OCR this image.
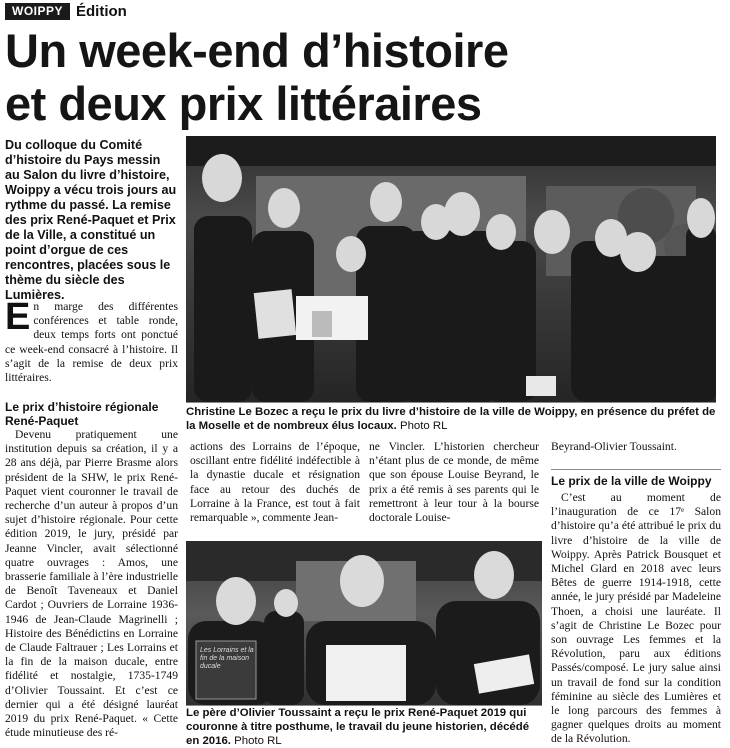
WOIPPY Édition
Un week-end d’histoire
et deux prix littéraires

Du colloque du Comité d’histoire du Pays messin au Salon du livre d’histoire, Woippy a vécu trois jours au rythme du passé. La remise des prix René-Paquet et Prix de la Ville, a constitué un point d’orgue de ces rencontres, placées sous le thème du siècle des Lumières.

En marge des différentes conférences et table ronde, deux temps forts ont ponctué ce week-end consacré à l’histoire. Il s’agit de la remise de deux prix littéraires.

Le prix d’histoire régionale René-Paquet

Devenu pratiquement une institution depuis sa création, il y a 28 ans déjà, par Pierre Brasme alors président de la SHW, le prix René-Paquet vient couronner le travail de recherche d’un auteur à propos d’un sujet d’histoire régionale. Pour cette édition 2019, le jury, présidé par Jeanne Vincler, avait sélectionné quatre ouvrages : Amos, une brasserie familiale à l’ère industrielle de Benoît Taveneaux et Daniel Cardot ; Ouvriers de Lorraine 1936-1946 de Jean-Claude Magrinelli ; Histoire des Bénédictins en Lorraine de Claude Faltrauer ; Les Lorrains et la fin de la maison ducale, entre fidélité et nostalgie, 1735-1749 d’Olivier Toussaint. Et c’est ce dernier qui a été désigné lauréat 2019 du prix René-Paquet. « Cette étude minutieuse des ré-

Christine Le Bozec a reçu le prix du livre d’histoire de la ville de Woippy, en présence du préfet de la Moselle et de nombreux élus locaux. Photo RL

actions des Lorrains de l’époque, oscillant entre fidélité indéfectible à la dynastie ducale et résignation face au retour des duchés de Lorraine à la France, est tout à fait remarquable », commente Jean-

ne Vincler. L’historien chercheur n’étant plus de ce monde, de même que son épouse Louise Beyrand, le prix a été remis à ses parents qui le remettront à leur tour à la bourse doctorale Louise-

Beyrand-Olivier Toussaint.

Le prix de la ville de Woippy

C’est au moment de l’inauguration de ce 17ᵉ Salon d’histoire qu’a été attribué le prix du livre d’histoire de la ville de Woippy. Après Patrick Bousquet et Michel Glard en 2018 avec leurs Bêtes de guerre 1914-1918, cette année, le jury présidé par Madeleine Thoen, a choisi une lauréate. Il s’agit de Christine Le Bozec pour son ouvrage Les femmes et la Révolution, paru aux éditions Passés/composé. Le jury salue ainsi un travail de fond sur la condition féminine au siècle des Lumières et le long parcours des femmes à gagner quelques droits au moment de la Révolution.

Les Lorrains et la fin de la maison ducale

Le père d’Olivier Toussaint a reçu le prix René-Paquet 2019 qui couronne à titre posthume, le travail du jeune historien, décédé en 2016. Photo RL
